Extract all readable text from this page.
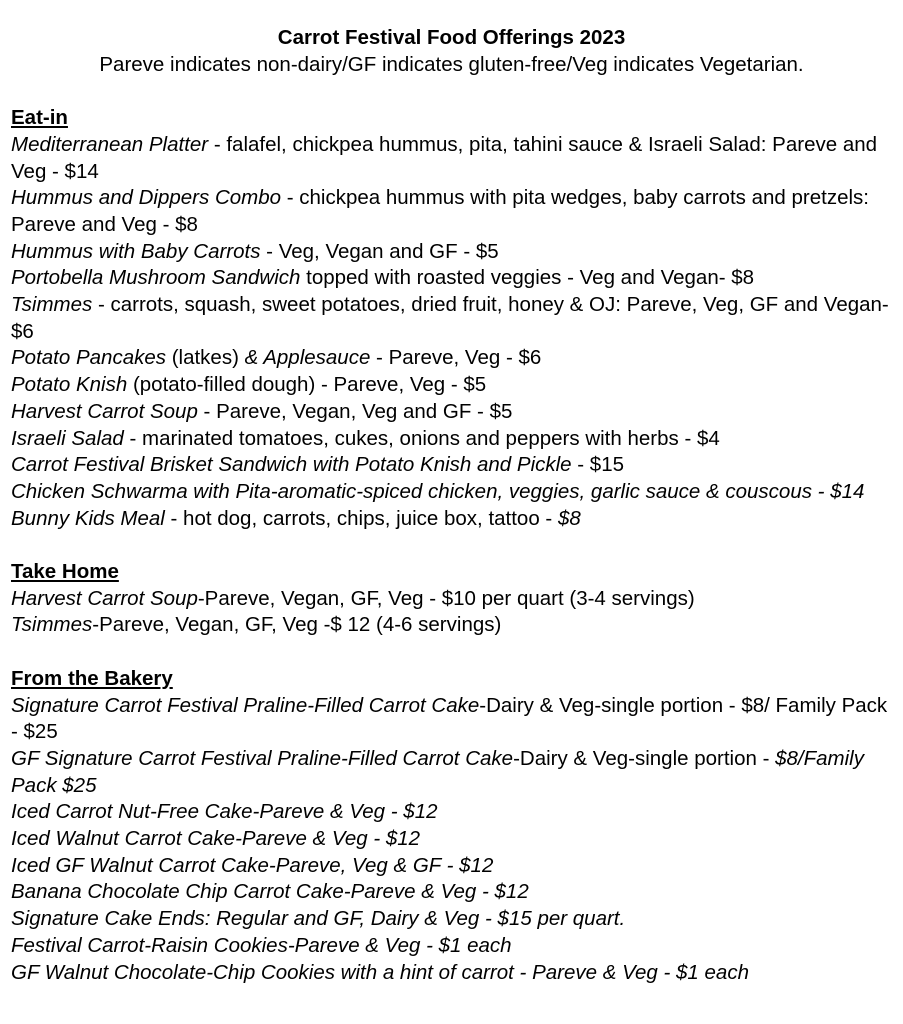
Carrot Festival Food Offerings 2023
Pareve indicates non-dairy/GF indicates gluten-free/Veg indicates Vegetarian.
Eat-in
Mediterranean Platter - falafel, chickpea hummus, pita, tahini sauce & Israeli Salad: Pareve and Veg - $14
Hummus and Dippers Combo - chickpea hummus with pita wedges, baby carrots and pretzels: Pareve and Veg - $8
Hummus with Baby Carrots - Veg, Vegan and GF - $5
Portobella Mushroom Sandwich topped with roasted veggies - Veg and Vegan- $8
Tsimmes - carrots, squash, sweet potatoes, dried fruit, honey & OJ: Pareve, Veg, GF and Vegan- $6
Potato Pancakes (latkes) & Applesauce - Pareve, Veg - $6
Potato Knish (potato-filled dough) - Pareve, Veg - $5
Harvest Carrot Soup - Pareve, Vegan, Veg and GF - $5
Israeli Salad - marinated tomatoes, cukes, onions and peppers with herbs - $4
Carrot Festival Brisket Sandwich with Potato Knish and Pickle - $15
Chicken Schwarma with Pita-aromatic-spiced chicken, veggies, garlic sauce & couscous - $14
Bunny Kids Meal - hot dog, carrots, chips, juice box, tattoo - $8
Take Home
Harvest Carrot Soup-Pareve, Vegan, GF, Veg - $10 per quart (3-4 servings)
Tsimmes-Pareve, Vegan, GF, Veg -$ 12 (4-6 servings)
From the Bakery
Signature Carrot Festival Praline-Filled Carrot Cake-Dairy & Veg-single portion - $8/ Family Pack - $25
GF Signature Carrot Festival Praline-Filled Carrot Cake-Dairy & Veg-single portion - $8/Family Pack $25
Iced Carrot Nut-Free Cake-Pareve & Veg - $12
Iced Walnut Carrot Cake-Pareve & Veg - $12
Iced GF Walnut Carrot Cake-Pareve, Veg & GF - $12
Banana Chocolate Chip Carrot Cake-Pareve & Veg - $12
Signature Cake Ends: Regular and GF, Dairy & Veg - $15 per quart.
Festival Carrot-Raisin Cookies-Pareve & Veg - $1 each
GF Walnut Chocolate-Chip Cookies with a hint of carrot - Pareve & Veg - $1 each
